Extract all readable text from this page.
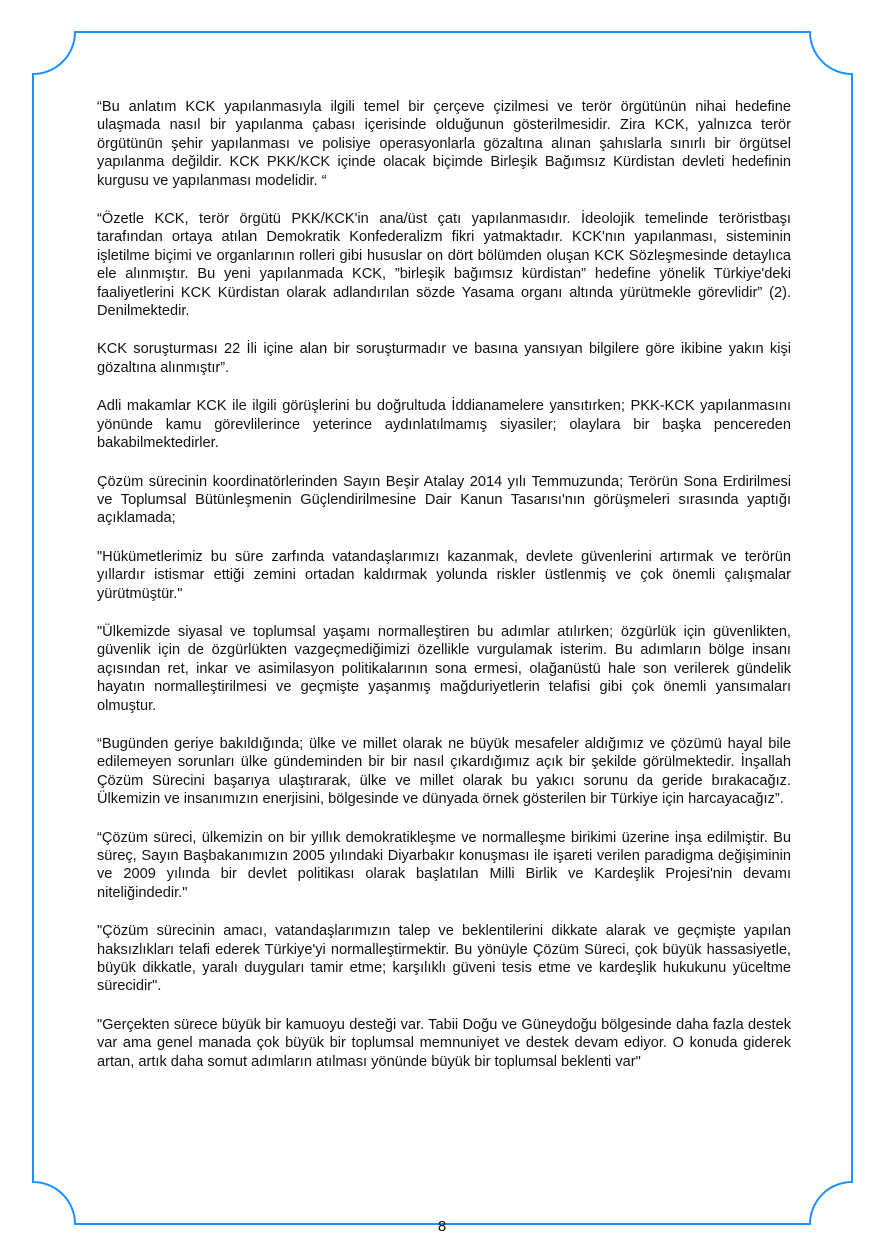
“Bu anlatım KCK yapılanmasıyla ilgili temel bir çerçeve çizilmesi ve terör örgütünün nihai hedefine ulaşmada nasıl bir yapılanma çabası içerisinde olduğunun gösterilmesidir. Zira KCK, yalnızca terör örgütünün şehir yapılanması ve polisiye operasyonlarla gözaltına alınan şahıslarla sınırlı bir örgütsel yapılanma değildir. KCK PKK/KCK içinde olacak biçimde Birleşik Bağımsız Kürdistan devleti hedefinin kurgusu ve yapılanması modelidir. “

“Özetle KCK, terör örgütü PKK/KCK'in ana/üst çatı yapılanmasıdır. İdeolojik temelinde teröristbaşı tarafından ortaya atılan Demokratik Konfederalizm fikri yatmaktadır. KCK'nın yapılanması, sisteminin işletilme biçimi ve organlarının rolleri gibi hususlar on dört bölümden oluşan KCK Sözleşmesinde detaylıca ele alınmıştır. Bu yeni yapılanmada KCK, ”birleşik bağımsız kürdistan” hedefine yönelik Türkiye'deki faaliyetlerini KCK Kürdistan olarak adlandırılan sözde Yasama organı altında yürütmekle görevlidir” (2). Denilmektedir.

KCK soruşturması 22 İli içine alan bir soruşturmadır ve basına yansıyan bilgilere göre ikibine yakın kişi gözaltına alınmıştır”.

Adli makamlar KCK ile ilgili görüşlerini bu doğrultuda İddianamelere yansıtırken; PKK-KCK yapılanmasını yönünde kamu görevlilerince yeterince aydınlatılmamış siyasiler; olaylara bir başka pencereden bakabilmektedirler.

Çözüm sürecinin koordinatörlerinden Sayın Beşir Atalay 2014 yılı Temmuzunda; Terörün Sona Erdirilmesi ve Toplumsal Bütünleşmenin Güçlendirilmesine Dair Kanun Tasarısı'nın görüşmeleri sırasında yaptığı açıklamada;

"Hükümetlerimiz bu süre zarfında vatandaşlarımızı kazanmak, devlete güvenlerini artırmak ve terörün yıllardır istismar ettiği zemini ortadan kaldırmak yolunda riskler üstlenmiş ve çok önemli çalışmalar yürütmüştür."

"Ülkemizde siyasal ve toplumsal yaşamı normalleştiren bu adımlar atılırken; özgürlük için güvenlikten, güvenlik için de özgürlükten vazgeçmediğimizi özellikle vurgulamak isterim. Bu adımların bölge insanı açısından ret, inkar ve asimilasyon politikalarının sona ermesi, olağanüstü hale son verilerek gündelik hayatın normalleştirilmesi ve geçmişte yaşanmış mağduriyetlerin telafisi gibi çok önemli yansımaları olmuştur.

“Bugünden geriye bakıldığında; ülke ve millet olarak ne büyük mesafeler aldığımız ve çözümü hayal bile edilemeyen sorunları ülke gündeminden bir bir nasıl çıkardığımız açık bir şekilde görülmektedir. İnşallah Çözüm Sürecini başarıya ulaştırarak, ülke ve millet olarak bu yakıcı sorunu da geride bırakacağız. Ülkemizin ve insanımızın enerjisini, bölgesinde ve dünyada örnek gösterilen bir Türkiye için harcayacağız”.

“Çözüm süreci, ülkemizin on bir yıllık demokratikleşme ve normalleşme birikimi üzerine inşa edilmiştir. Bu süreç, Sayın Başbakanımızın 2005 yılındaki Diyarbakır konuşması ile işareti verilen paradigma değişiminin ve 2009 yılında bir devlet politikası olarak başlatılan Milli Birlik ve Kardeşlik Projesi'nin devamı niteliğindedir."

"Çözüm sürecinin amacı, vatandaşlarımızın talep ve beklentilerini dikkate alarak ve geçmişte yapılan haksızlıkları telafi ederek Türkiye'yi normalleştirmektir. Bu yönüyle Çözüm Süreci, çok büyük hassasiyetle, büyük dikkatle, yaralı duyguları tamir etme; karşılıklı güveni tesis etme ve kardeşlik hukukunu yüceltme sürecidir".

"Gerçekten sürece büyük bir kamuoyu desteği var. Tabii Doğu ve Güneydoğu bölgesinde daha fazla destek var ama genel manada çok büyük bir toplumsal memnuniyet ve destek devam ediyor. O konuda giderek artan, artık daha somut adımların atılması yönünde büyük bir toplumsal beklenti var"

8
